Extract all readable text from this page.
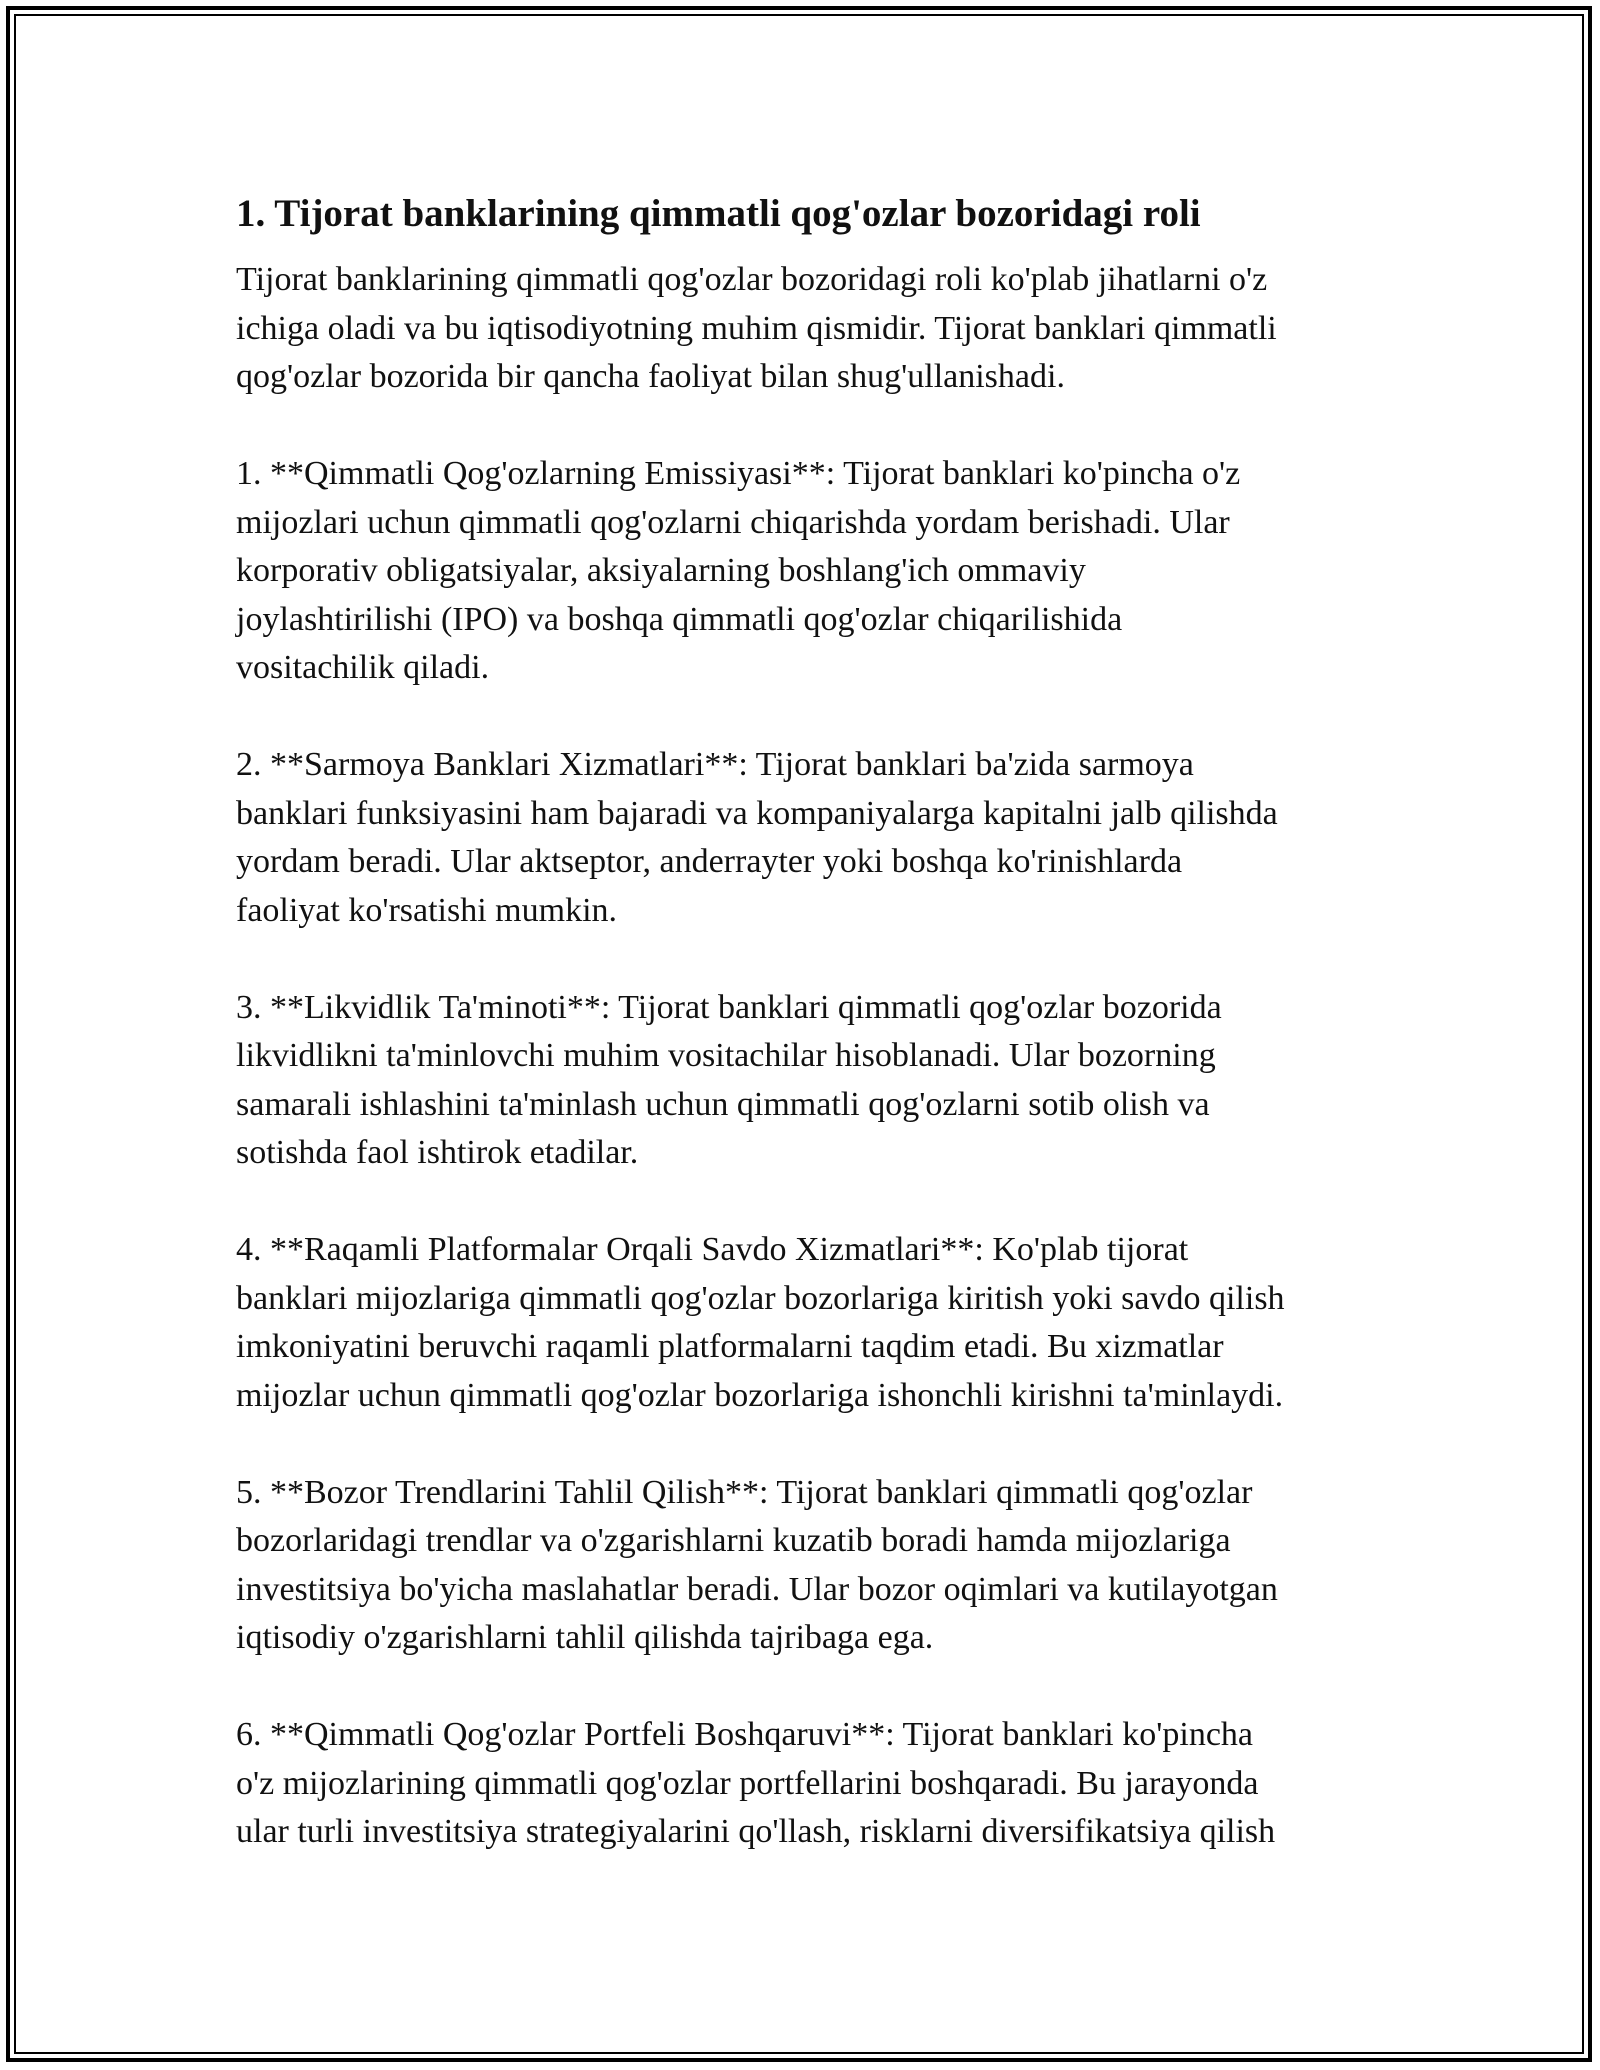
1. Tijorat banklarining qimmatli qog'ozlar bozoridagi roli

Tijorat banklarining qimmatli qog'ozlar bozoridagi roli ko'plab jihatlarni o'z
ichiga oladi va bu iqtisodiyotning muhim qismidir. Tijorat banklari qimmatli
qog'ozlar bozorida bir qancha faoliyat bilan shug'ullanishadi.

1. **Qimmatli Qog'ozlarning Emissiyasi**: Tijorat banklari ko'pincha o'z
mijozlari uchun qimmatli qog'ozlarni chiqarishda yordam berishadi. Ular
korporativ obligatsiyalar, aksiyalarning boshlang'ich ommaviy
joylashtirilishi (IPO) va boshqa qimmatli qog'ozlar chiqarilishida
vositachilik qiladi.

2. **Sarmoya Banklari Xizmatlari**: Tijorat banklari ba'zida sarmoya
banklari funksiyasini ham bajaradi va kompaniyalarga kapitalni jalb qilishda
yordam beradi. Ular aktseptor, anderrayter yoki boshqa ko'rinishlarda
faoliyat ko'rsatishi mumkin.

3. **Likvidlik Ta'minoti**: Tijorat banklari qimmatli qog'ozlar bozorida
likvidlikni ta'minlovchi muhim vositachilar hisoblanadi. Ular bozorning
samarali ishlashini ta'minlash uchun qimmatli qog'ozlarni sotib olish va
sotishda faol ishtirok etadilar.

4. **Raqamli Platformalar Orqali Savdo Xizmatlari**: Ko'plab tijorat
banklari mijozlariga qimmatli qog'ozlar bozorlariga kiritish yoki savdo qilish
imkoniyatini beruvchi raqamli platformalarni taqdim etadi. Bu xizmatlar
mijozlar uchun qimmatli qog'ozlar bozorlariga ishonchli kirishni ta'minlaydi.

5. **Bozor Trendlarini Tahlil Qilish**: Tijorat banklari qimmatli qog'ozlar
bozorlaridagi trendlar va o'zgarishlarni kuzatib boradi hamda mijozlariga
investitsiya bo'yicha maslahatlar beradi. Ular bozor oqimlari va kutilayotgan
iqtisodiy o'zgarishlarni tahlil qilishda tajribaga ega.

6. **Qimmatli Qog'ozlar Portfeli Boshqaruvi**: Tijorat banklari ko'pincha
o'z mijozlarining qimmatli qog'ozlar portfellarini boshqaradi. Bu jarayonda
ular turli investitsiya strategiyalarini qo'llash, risklarni diversifikatsiya qilish
